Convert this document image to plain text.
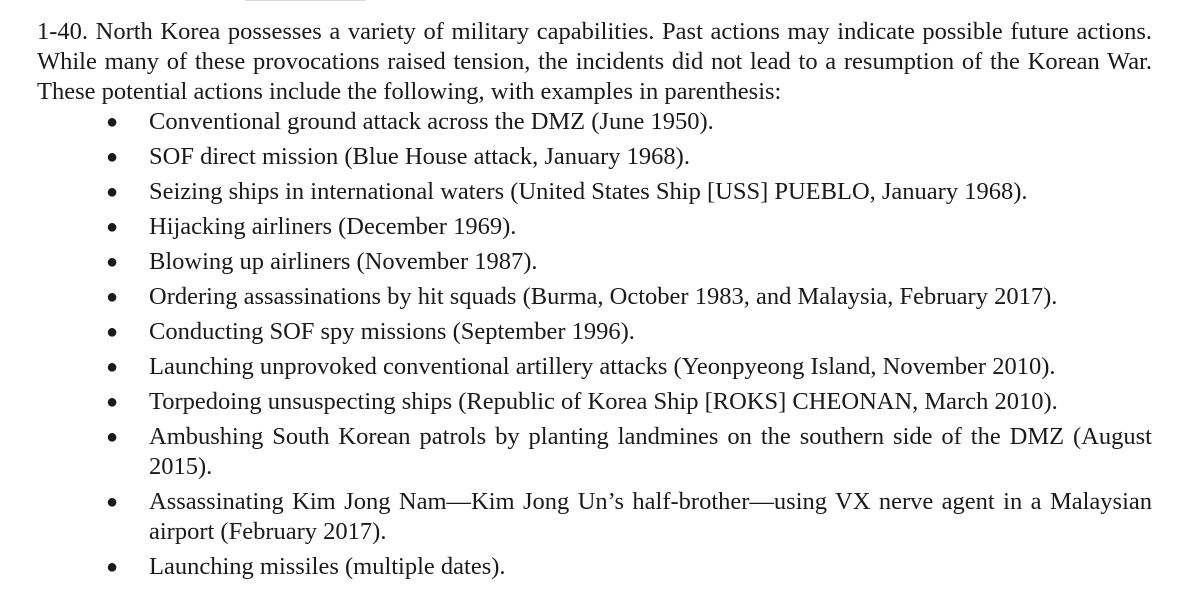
1-40. North Korea possesses a variety of military capabilities. Past actions may indicate possible future actions. While many of these provocations raised tension, the incidents did not lead to a resumption of the Korean War. These potential actions include the following, with examples in parenthesis:

● Conventional ground attack across the DMZ (June 1950).
● SOF direct mission (Blue House attack, January 1968).
● Seizing ships in international waters (United States Ship [USS] PUEBLO, January 1968).
● Hijacking airliners (December 1969).
● Blowing up airliners (November 1987).
● Ordering assassinations by hit squads (Burma, October 1983, and Malaysia, February 2017).
● Conducting SOF spy missions (September 1996).
● Launching unprovoked conventional artillery attacks (Yeonpyeong Island, November 2010).
● Torpedoing unsuspecting ships (Republic of Korea Ship [ROKS] CHEONAN, March 2010).
● Ambushing South Korean patrols by planting landmines on the southern side of the DMZ (August 2015).
● Assassinating Kim Jong Nam—Kim Jong Un’s half-brother—using VX nerve agent in a Malaysian airport (February 2017).
● Launching missiles (multiple dates).
